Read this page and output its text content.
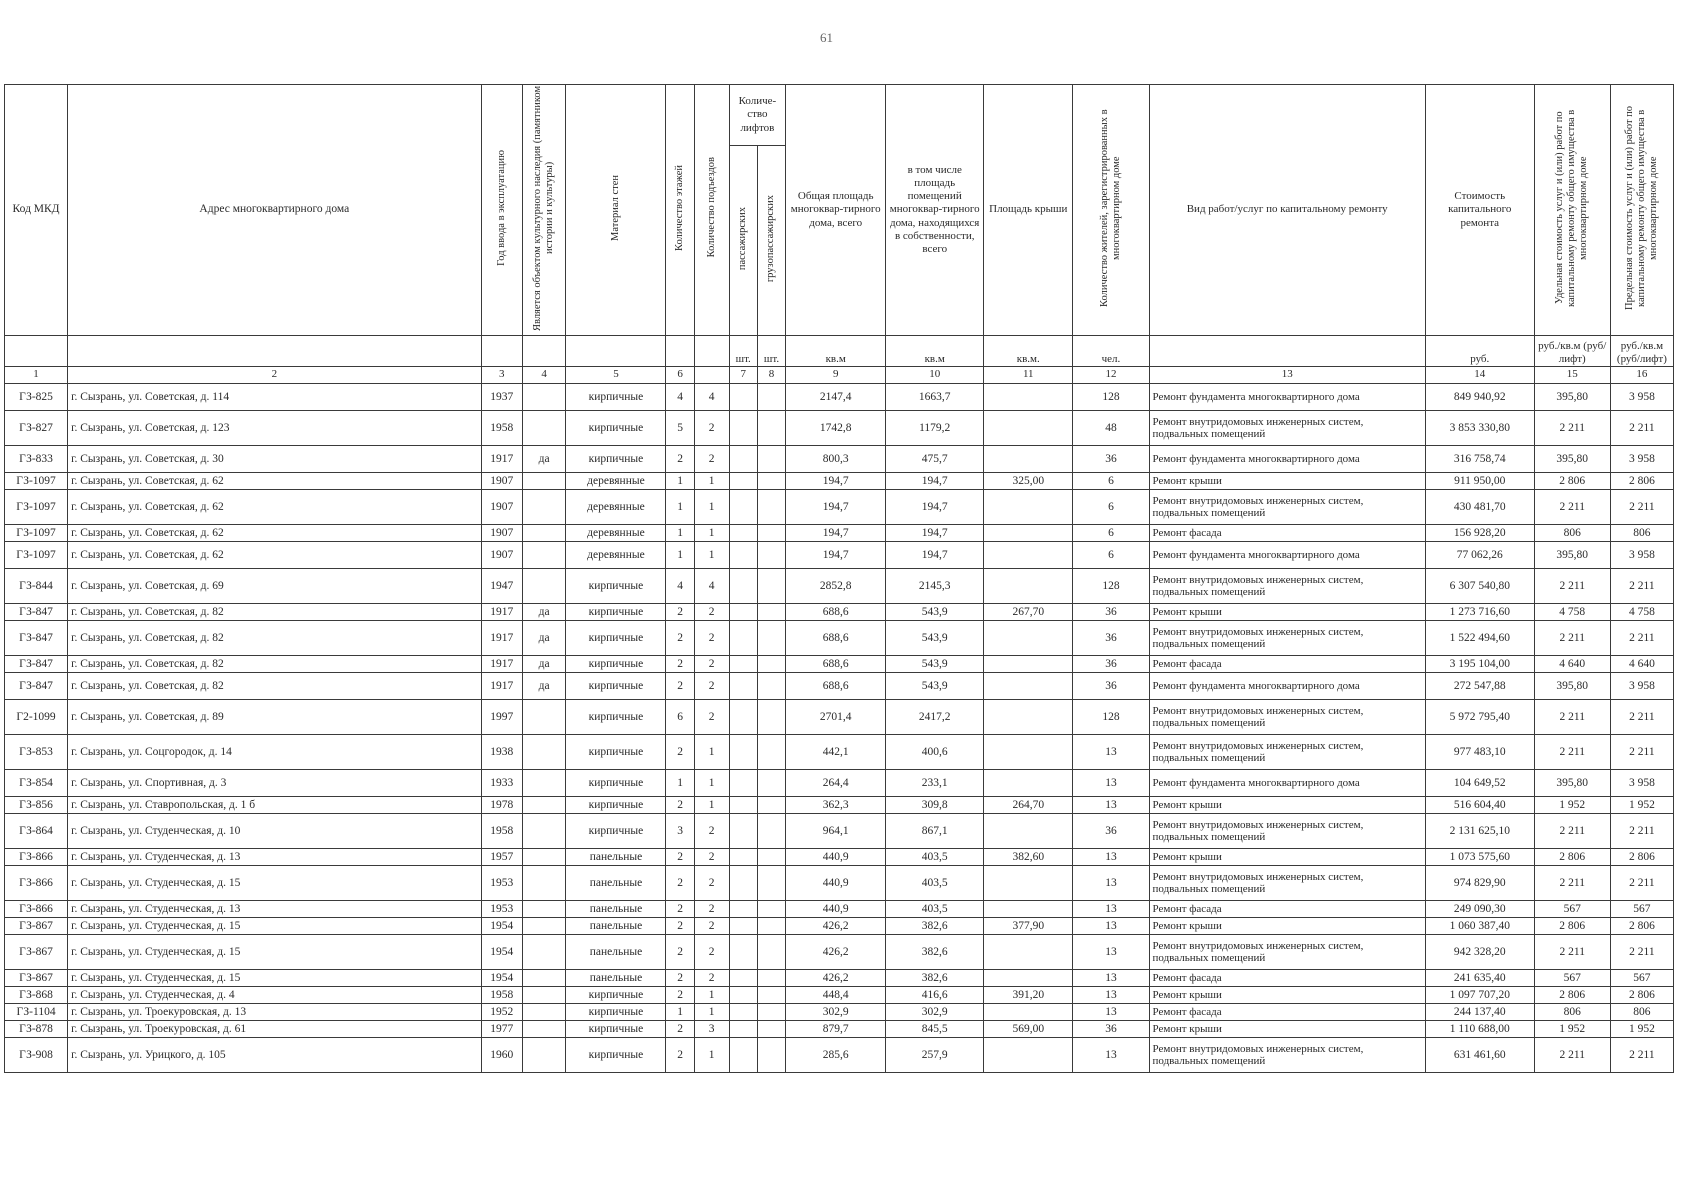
61
Код МКД	Адрес многоквартирного дома	Год ввода в эксплуатацию	Является объектом культурного наследия (памятником истории и культуры)	Материал стен	Количество этажей	Количество подъездов	Количе-ство лифтов		Общая площадь многоквар-тирного дома, всего	в том числе площадь помещений многоквар-тирного дома, находящихся в собственности, всего	Площадь крыши	Количество жителей, зарегистрированных в многоквартирном доме	Вид работ/услуг по капитальному ремонту	Стоимость капитального ремонта	Удельная стоимость услуг и (или) работ по капитальному ремонту общего имущества в многоквартирном доме	Предельная стоимость услуг и (или) работ по капитальному ремонту общего имущества в многоквартирном доме
							пассажирских	грузопассажирских								
							шт.	шт.	кв.м	кв.м	кв.м.	чел.		руб.	руб./кв.м (руб/лифт)	руб./кв.м (руб/лифт)
1	2	3	4	5	6		7	8	9	10	11	12	13	14	15	16
ГЗ-825	г. Сызрань, ул. Советская, д. 114	1937		кирпичные	4	4			2147,4	1663,7		128	Ремонт фундамента многоквартирного дома	849 940,92	395,80	3 958
ГЗ-827	г. Сызрань, ул. Советская, д. 123	1958		кирпичные	5	2			1742,8	1179,2		48	Ремонт внутридомовых инженерных систем, подвальных помещений	3 853 330,80	2 211	2 211
ГЗ-833	г. Сызрань, ул. Советская, д. 30	1917	да	кирпичные	2	2			800,3	475,7		36	Ремонт фундамента многоквартирного дома	316 758,74	395,80	3 958
ГЗ-1097	г. Сызрань, ул. Советская, д. 62	1907		деревянные	1	1			194,7	194,7	325,00	6	Ремонт крыши	911 950,00	2 806	2 806
ГЗ-1097	г. Сызрань, ул. Советская, д. 62	1907		деревянные	1	1			194,7	194,7		6	Ремонт внутридомовых инженерных систем, подвальных помещений	430 481,70	2 211	2 211
ГЗ-1097	г. Сызрань, ул. Советская, д. 62	1907		деревянные	1	1			194,7	194,7		6	Ремонт фасада	156 928,20	806	806
ГЗ-1097	г. Сызрань, ул. Советская, д. 62	1907		деревянные	1	1			194,7	194,7		6	Ремонт фундамента многоквартирного дома	77 062,26	395,80	3 958
ГЗ-844	г. Сызрань, ул. Советская, д. 69	1947		кирпичные	4	4			2852,8	2145,3		128	Ремонт внутридомовых инженерных систем, подвальных помещений	6 307 540,80	2 211	2 211
ГЗ-847	г. Сызрань, ул. Советская, д. 82	1917	да	кирпичные	2	2			688,6	543,9	267,70	36	Ремонт крыши	1 273 716,60	4 758	4 758
ГЗ-847	г. Сызрань, ул. Советская, д. 82	1917	да	кирпичные	2	2			688,6	543,9		36	Ремонт внутридомовых инженерных систем, подвальных помещений	1 522 494,60	2 211	2 211
ГЗ-847	г. Сызрань, ул. Советская, д. 82	1917	да	кирпичные	2	2			688,6	543,9		36	Ремонт фасада	3 195 104,00	4 640	4 640
ГЗ-847	г. Сызрань, ул. Советская, д. 82	1917	да	кирпичные	2	2			688,6	543,9		36	Ремонт фундамента многоквартирного дома	272 547,88	395,80	3 958
Г2-1099	г. Сызрань, ул. Советская, д. 89	1997		кирпичные	6	2			2701,4	2417,2		128	Ремонт внутридомовых инженерных систем, подвальных помещений	5 972 795,40	2 211	2 211
ГЗ-853	г. Сызрань, ул. Соцгородок, д. 14	1938		кирпичные	2	1			442,1	400,6		13	Ремонт внутридомовых инженерных систем, подвальных помещений	977 483,10	2 211	2 211
ГЗ-854	г. Сызрань, ул. Спортивная, д. 3	1933		кирпичные	1	1			264,4	233,1		13	Ремонт фундамента многоквартирного дома	104 649,52	395,80	3 958
ГЗ-856	г. Сызрань, ул. Ставропольская, д. 1 б	1978		кирпичные	2	1			362,3	309,8	264,70	13	Ремонт крыши	516 604,40	1 952	1 952
ГЗ-864	г. Сызрань, ул. Студенческая, д. 10	1958		кирпичные	3	2			964,1	867,1		36	Ремонт внутридомовых инженерных систем, подвальных помещений	2 131 625,10	2 211	2 211
ГЗ-866	г. Сызрань, ул. Студенческая, д. 13	1957		панельные	2	2			440,9	403,5	382,60	13	Ремонт крыши	1 073 575,60	2 806	2 806
ГЗ-866	г. Сызрань, ул. Студенческая, д. 15	1953		панельные	2	2			440,9	403,5		13	Ремонт внутридомовых инженерных систем, подвальных помещений	974 829,90	2 211	2 211
ГЗ-866	г. Сызрань, ул. Студенческая, д. 13	1953		панельные	2	2			440,9	403,5		13	Ремонт фасада	249 090,30	567	567
ГЗ-867	г. Сызрань, ул. Студенческая, д. 15	1954		панельные	2	2			426,2	382,6	377,90	13	Ремонт крыши	1 060 387,40	2 806	2 806
ГЗ-867	г. Сызрань, ул. Студенческая, д. 15	1954		панельные	2	2			426,2	382,6		13	Ремонт внутридомовых инженерных систем, подвальных помещений	942 328,20	2 211	2 211
ГЗ-867	г. Сызрань, ул. Студенческая, д. 15	1954		панельные	2	2			426,2	382,6		13	Ремонт фасада	241 635,40	567	567
ГЗ-868	г. Сызрань, ул. Студенческая, д. 4	1958		кирпичные	2	1			448,4	416,6	391,20	13	Ремонт крыши	1 097 707,20	2 806	2 806
ГЗ-1104	г. Сызрань, ул. Троекуровская, д. 13	1952		кирпичные	1	1			302,9	302,9		13	Ремонт фасада	244 137,40	806	806
ГЗ-878	г. Сызрань, ул. Троекуровская, д. 61	1977		кирпичные	2	3			879,7	845,5	569,00	36	Ремонт крыши	1 110 688,00	1 952	1 952
ГЗ-908	г. Сызрань, ул. Урицкого, д. 105	1960		кирпичные	2	1			285,6	257,9		13	Ремонт внутридомовых инженерных систем, подвальных помещений	631 461,60	2 211	2 211
